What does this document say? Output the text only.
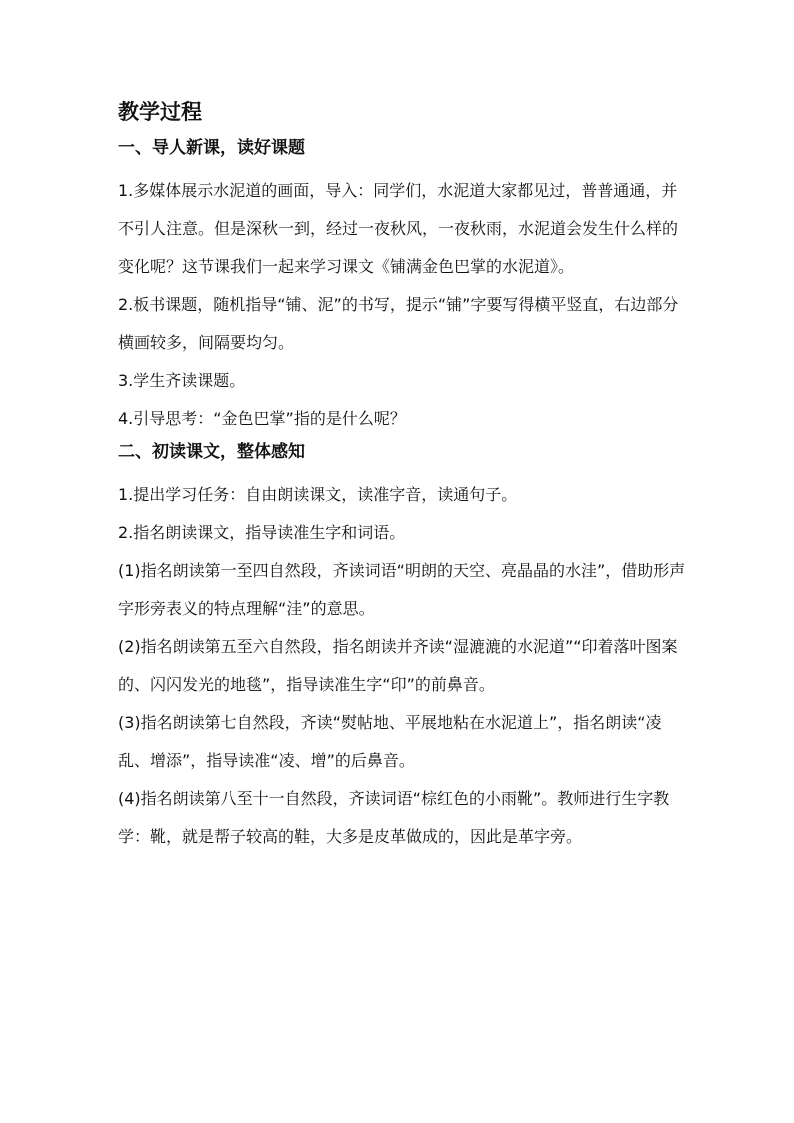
教学过程
一、导人新课，读好课题

1.多媒体展示水泥道的画面，导入：同学们，水泥道大家都见过，普普通通，并不引人注意。但是深秋一到，经过一夜秋风，一夜秋雨，水泥道会发生什么样的变化呢？这节课我们一起来学习课文《铺满金色巴掌的水泥道》。

2.板书课题，随机指导“铺、泥”的书写，提示“铺”字要写得横平竖直，右边部分横画较多，间隔要均匀。

3.学生齐读课题。

4.引导思考：“金色巴掌”指的是什么呢？

二、初读课文，整体感知

1.提出学习任务：自由朗读课文，读准字音，读通句子。

2.指名朗读课文，指导读准生字和词语。

(1)指名朗读第一至四自然段，齐读词语“明朗的天空、亮晶晶的水洼”，借助形声字形旁表义的特点理解“洼”的意思。

(2)指名朗读第五至六自然段，指名朗读并齐读“湿漉漉的水泥道”“印着落叶图案的、闪闪发光的地毯”，指导读准生字“印”的前鼻音。

(3)指名朗读第七自然段，齐读“熨帖地、平展地粘在水泥道上”，指名朗读“凌乱、增添”，指导读准“凌、增”的后鼻音。

(4)指名朗读第八至十一自然段，齐读词语“棕红色的小雨靴”。教师进行生字教学：靴，就是帮子较高的鞋，大多是皮革做成的，因此是革字旁。
